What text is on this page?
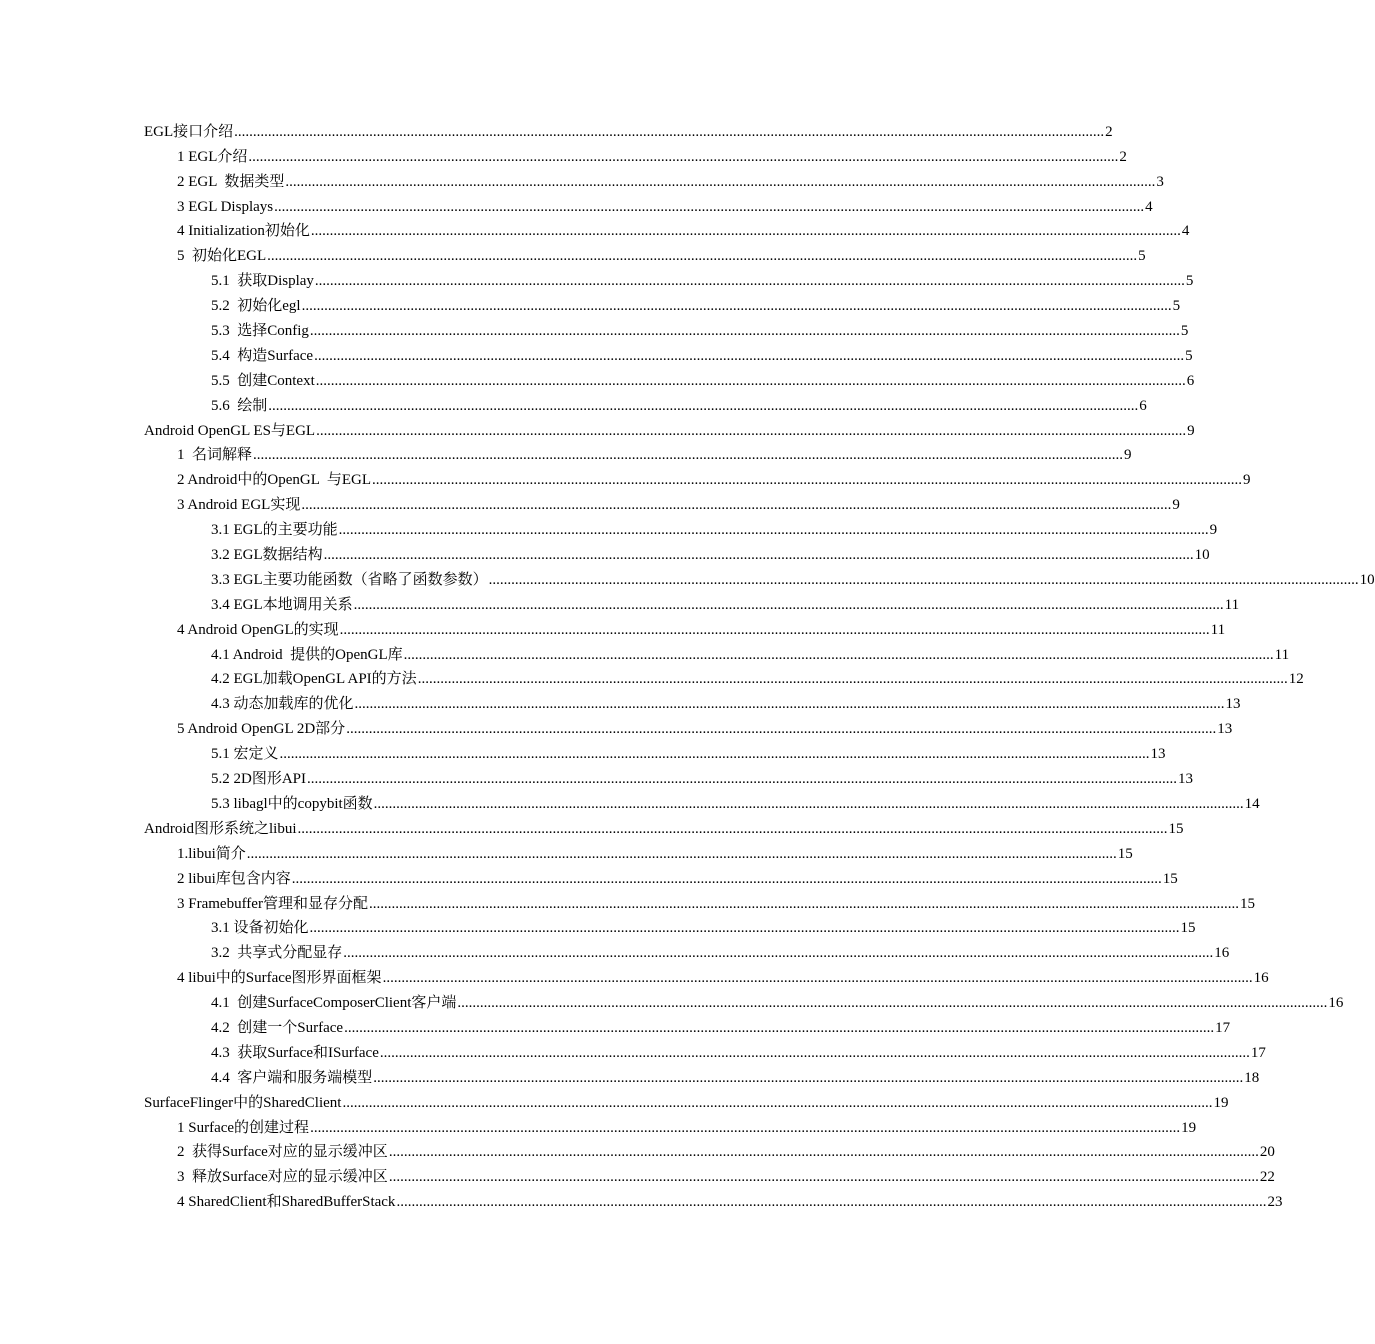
EGL接口介绍 .....	2
1 EGL介绍 .....	2
2 EGL  数据类型 .....	3
3 EGL Displays .....	4
4 Initialization初始化 .....	4
5  初始化EGL .....	5
5.1  获取Display .....	5
5.2  初始化egl .....	5
5.3  选择Config .....	5
5.4  构造Surface .....	5
5.5  创建Context .....	6
5.6  绘制 .....	6
Android OpenGL ES与EGL .....	9
1  名词解释 .....	9
2 Android中的OpenGL  与EGL .....	9
3 Android EGL实现 .....	9
3.1 EGL的主要功能 .....	9
3.2 EGL数据结构 .....	10
3.3 EGL主要功能函数（省略了函数参数） .....	10
3.4 EGL本地调用关系 .....	11
4 Android OpenGL的实现 .....	11
4.1 Android  提供的OpenGL库 .....	11
4.2 EGL加载OpenGL API的方法 .....	12
4.3 动态加载库的优化 .....	13
5 Android OpenGL 2D部分 .....	13
5.1 宏定义 .....	13
5.2 2D图形API .....	13
5.3 libagl中的copybit函数 .....	14
Android图形系统之libui .....	15
1.libui简介 .....	15
2 libui库包含内容 .....	15
3 Framebuffer管理和显存分配 .....	15
3.1 设备初始化 .....	15
3.2  共享式分配显存 .....	16
4 libui中的Surface图形界面框架 .....	16
4.1  创建SurfaceComposerClient客户端 .....	16
4.2  创建一个Surface .....	17
4.3  获取Surface和ISurface .....	17
4.4  客户端和服务端模型 .....	18
SurfaceFlinger中的SharedClient .....	19
1 Surface的创建过程 .....	19
2  获得Surface对应的显示缓冲区 .....	20
3  释放Surface对应的显示缓冲区 .....	22
4 SharedClient和SharedBufferStack .....	23
